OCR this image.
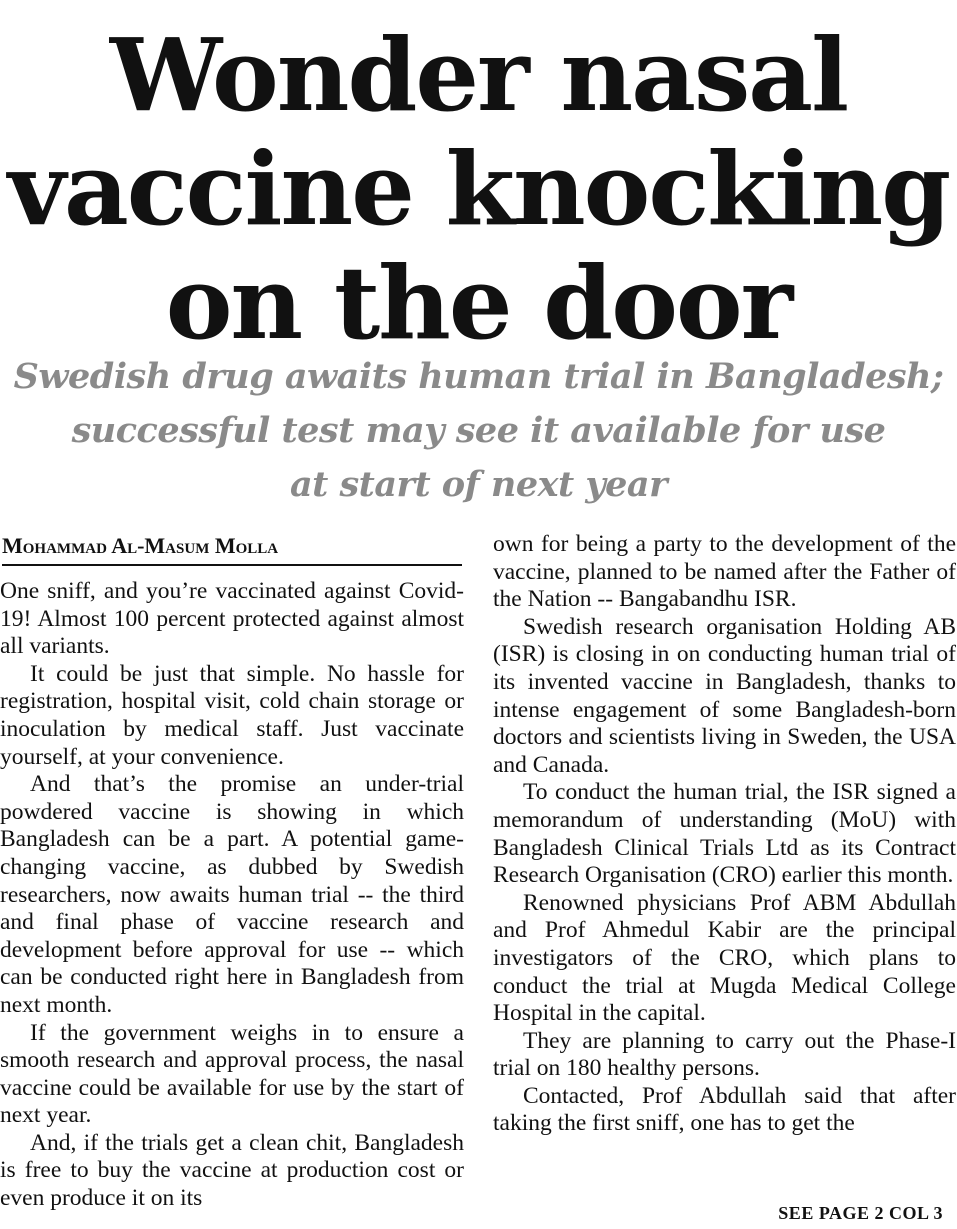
Wonder nasal
vaccine knocking
on the door
Swedish drug awaits human trial in Bangladesh;
successful test may see it available for use
at start of next year
Mohammad Al-Masum Molla

One sniff, and you’re vaccinated against Covid-19! Almost 100 percent protected against almost all variants.

It could be just that simple. No hassle for registration, hospital visit, cold chain storage or inoculation by medical staff. Just vaccinate yourself, at your convenience.

And that’s the promise an under-trial powdered vaccine is showing in which Bangladesh can be a part. A potential game-changing vaccine, as dubbed by Swedish researchers, now awaits human trial -- the third and final phase of vaccine research and development before approval for use -- which can be conducted right here in Bangladesh from next month.

If the government weighs in to ensure a smooth research and approval process, the nasal vaccine could be available for use by the start of next year.

And, if the trials get a clean chit, Bangladesh is free to buy the vaccine at production cost or even produce it on its

own for being a party to the development of the vaccine, planned to be named after the Father of the Nation -- Bangabandhu ISR.

Swedish research organisation Holding AB (ISR) is closing in on conducting human trial of its invented vaccine in Bangladesh, thanks to intense engagement of some Bangladesh-born doctors and scientists living in Sweden, the USA and Canada.

To conduct the human trial, the ISR signed a memorandum of understanding (MoU) with Bangladesh Clinical Trials Ltd as its Contract Research Organisation (CRO) earlier this month.

Renowned physicians Prof ABM Abdullah and Prof Ahmedul Kabir are the principal investigators of the CRO, which plans to conduct the trial at Mugda Medical College Hospital in the capital.

They are planning to carry out the Phase-I trial on 180 healthy persons.

Contacted, Prof Abdullah said that after taking the first sniff, one has to get the

SEE PAGE 2 COL 3
